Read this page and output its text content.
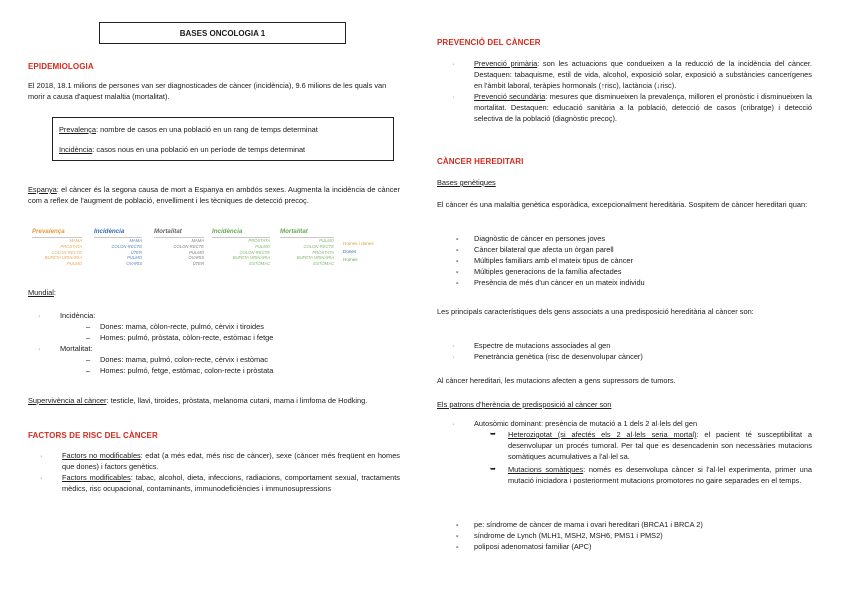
BASES ONCOLOGIA 1
EPIDEMIOLOGIA
El 2018, 18.1 milions de persones van ser diagnosticades de càncer (incidència), 9.6 milions de les quals van morir a causa d'aquest malaltia (mortalitat).
Prevalença: nombre de casos en una població en un rang de temps determinat
Incidència: casos nous en una població en un període de temps determinat
Espanya: el càncer és la segona causa de mort a Espanya en ambdós sexes. Augmenta la incidència de càncer com a reflex de l'augment de població, envelliment i les tècniques de detecció precoç.
Prevalença
MAMA
PRÒSTATA
COLON-RECTE
BUFETA URINÀRIA
PULMÓ
Incidència
MAMA
COLON-RECTE
ÚTER
PULMÓ
OVARIS
Mortalitat
MAMA
COLON-RECTE
PULMÓ
OVARIS
ÚTER
Incidència
PRÒSTATA
PULMÓ
COLON-RECTE
BUFETA URINÀRIA
ESTÒMAC
Mortalitat
PULMÓ
COLON-RECTE
PRÒSTATA
BUFETA URINÀRIA
ESTÒMAC
Homes i dones
Dones
Homes
Mundial:
· Incidència:
– Dones: mama, còlon-recte, pulmó, cèrvix i tiroides
– Homes: pulmó, pròstata, còlon-recte, estòmac i fetge
· Mortalitat:
– Dones: mama, pulmó, colon-recte, cèrvix i estòmac
– Homes: pulmó, fetge, estòmac, colon-recte i pròstata
Supervivència al càncer: testicle, llavi, tiroides, pròstata, melanoma cutani, mama i limfoma de Hodking.
FACTORS DE RISC DEL CÀNCER
· Factors no modificables: edat (a més edat, més risc de càncer), sexe (càncer més freqüent en homes que dones) i factors genètics.
· Factors modificables: tabac, alcohol, dieta, infeccions, radiacions, comportament sexual, tractaments mèdics, risc ocupacional, contaminants, immunodeficiències i immunosupressions
PREVENCIÓ DEL CÀNCER
· Prevenció primària: son les actuacions que condueixen a la reducció de la incidència del càncer. Destaquen: tabaquisme, estil de vida, alcohol, exposició solar, exposició a substàncies cancerígenes en l'àmbit laboral, teràpies hormonals (↑risc), lactància (↓risc).
· Prevenció secundària: mesures que disminueixen la prevalença, milloren el pronòstic i disminueixen la mortalitat. Destaquen: educació sanitària a la població, detecció de casos (cribratge) i detecció selectiva de la població (diagnòstic precoç).
CÀNCER HEREDITARI
Bases genètiques
El càncer és una malaltia genètica esporàdica, excepcionalment hereditària. Sospitem de càncer hereditari quan:
- Diagnòstic de càncer en persones joves
- Càncer bilateral que afecta un òrgan parell
- Múltiples familiars amb el mateix tipus de càncer
- Múltiples generacions de la família afectades
- Presència de més d'un càncer en un mateix individu
Les principals característiques dels gens associats a una predisposició hereditària al càncer son:
· Espectre de mutacions associades al gen
· Penetrància genètica (risc de desenvolupar càncer)
Al càncer hereditari, les mutacions afecten a gens supressors de tumors.
Els patrons d'herència de predisposició al càncer son
· Autosòmic dominant: presència de mutació a 1 dels 2 al·lels del gen
➥ Heterozigotat (si afectés els 2 al·lels seria mortal): el pacient té susceptibilitat a desenvolupar un procés tumoral. Per tal que es desencadenin son necessàries mutacions somàtiques acumulatives a l'al·lel sa.
➥ Mutacions somàtiques: només es desenvolupa càncer si l'al·lel experimenta, primer una mutació iniciadora i posteriorment mutacions promotores no gaire separades en el temps.
- pe: síndrome de càncer de mama i ovari hereditari (BRCA1 i BRCA 2)
- síndrome de Lynch (MLH1, MSH2, MSH6, PMS1 i PMS2)
- poliposi adenomatosi familiar (APC)
